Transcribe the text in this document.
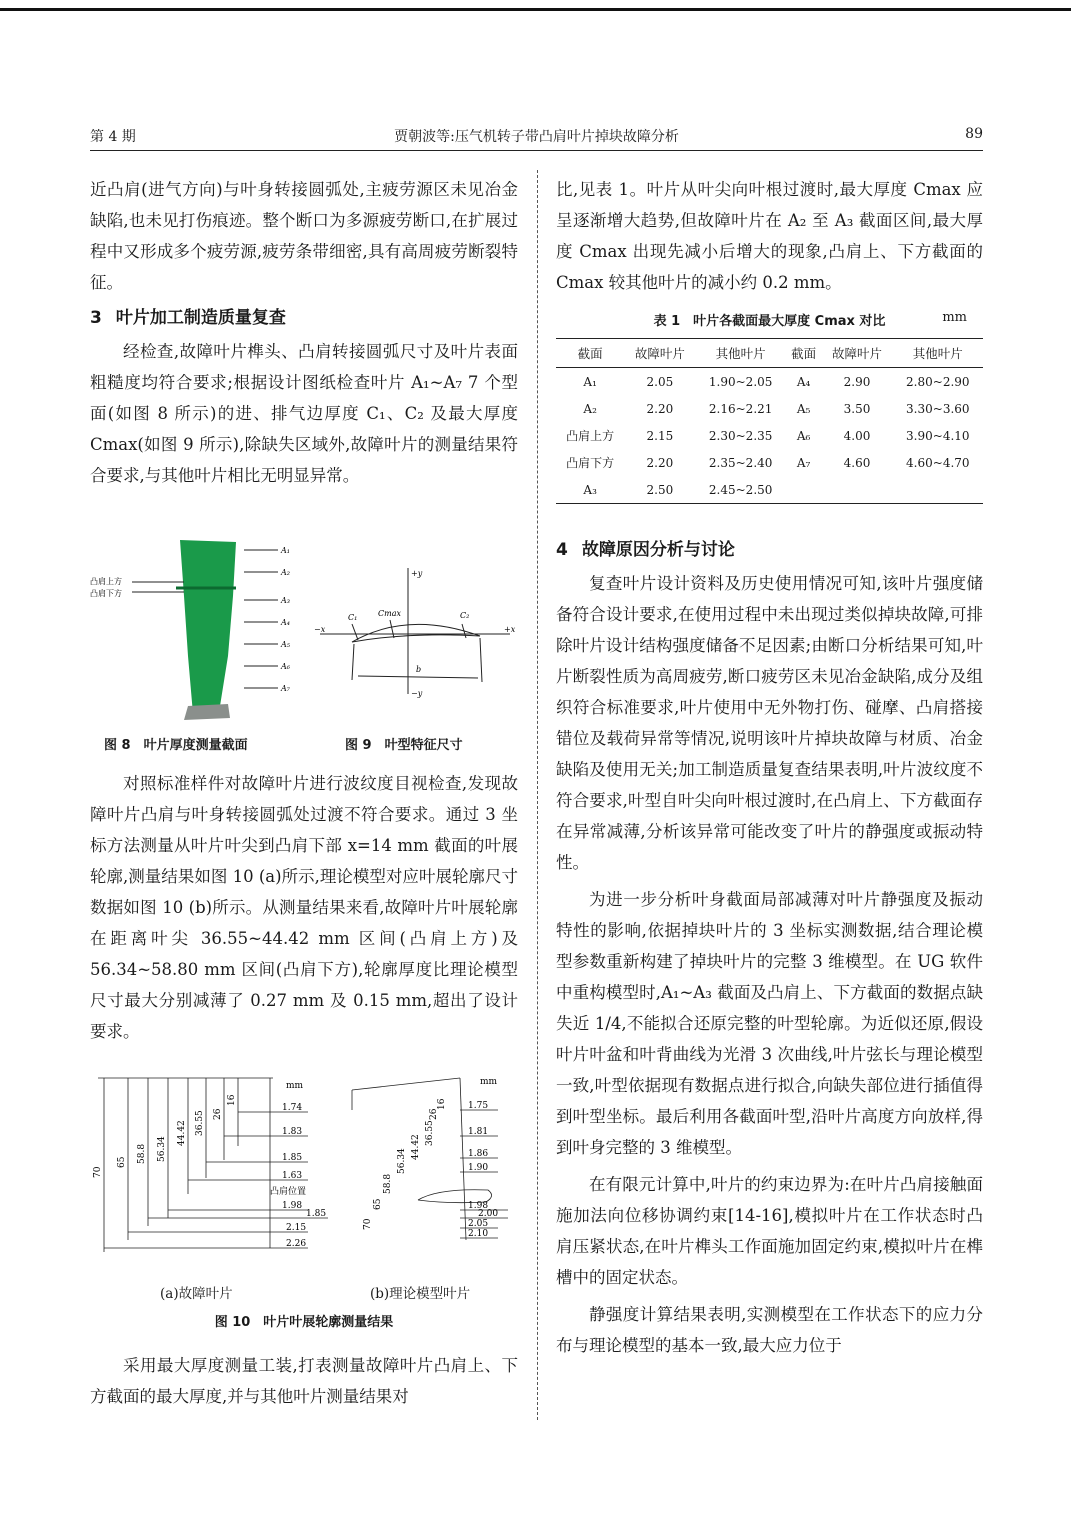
第 4 期	贾朝波等:压气机转子带凸肩叶片掉块故障分析	89

近凸肩(进气方向)与叶身转接圆弧处,主疲劳源区未见冶金缺陷,也未见打伤痕迹。整个断口为多源疲劳断口,在扩展过程中又形成多个疲劳源,疲劳条带细密,具有高周疲劳断裂特征。

3 叶片加工制造质量复查

经检查,故障叶片榫头、凸肩转接圆弧尺寸及叶片表面粗糙度均符合要求;根据设计图纸检查叶片 A₁~A₇ 7 个型面(如图 8 所示)的进、排气边厚度 C₁、C₂ 及最大厚度 Cmax(如图 9 所示),除缺失区域外,故障叶片的测量结果符合要求,与其他叶片相比无明显异常。

A₁
A₂
A₃
A₄
A₅
A₆
A₇
凸肩上方
凸肩下方
+y
−y
−x	+x
C₁	Cmax	C₂
b
图 8　叶片厚度测量截面	图 9　叶型特征尺寸

对照标准样件对故障叶片进行波纹度目视检查,发现故障叶片凸肩与叶身转接圆弧处过渡不符合要求。通过 3 坐标方法测量从叶片叶尖到凸肩下部 x=14 mm 截面的叶展轮廓,测量结果如图 10 (a)所示,理论模型对应叶展轮廓尺寸数据如图 10 (b)所示。从测量结果来看,故障叶片叶展轮廓在距离叶尖 36.55~44.42 mm 区间(凸肩上方)及 56.34~58.80 mm 区间(凸肩下方),轮廓厚度比理论模型尺寸最大分别减薄了 0.27 mm 及 0.15 mm,超出了设计要求。

mm	mm
70
65 58.8 56.34
44.42 36.55 26
16
1.74
1.83
1.85
1.63
凸肩位置
1.98
1.85
2.15
2.26
70
65
58.8
56.34
44.42
36.55
26
16 1.75
1.81
1.86
1.90
1.98
2.00
2.05
2.10
(a)故障叶片	(b)理论模型叶片
图 10　叶片叶展轮廓测量结果

采用最大厚度测量工装,打表测量故障叶片凸肩上、下方截面的最大厚度,并与其他叶片测量结果对

比,见表 1。叶片从叶尖向叶根过渡时,最大厚度 Cmax 应呈逐渐增大趋势,但故障叶片在 A₂ 至 A₃ 截面区间,最大厚度 Cmax 出现先减小后增大的现象,凸肩上、下方截面的 Cmax 较其他叶片的减小约 0.2 mm。

表 1　叶片各截面最大厚度 Cmax 对比	mm
截面	故障叶片	其他叶片	截面	故障叶片	其他叶片
A₁	2.05	1.90~2.05	A₄	2.90	2.80~2.90
A₂	2.20	2.16~2.21	A₅	3.50	3.30~3.60
凸肩上方	2.15	2.30~2.35	A₆	4.00	3.90~4.10
凸肩下方	2.20	2.35~2.40	A₇	4.60	4.60~4.70
A₃	2.50	2.45~2.50			
4 故障原因分析与讨论

复查叶片设计资料及历史使用情况可知,该叶片强度储备符合设计要求,在使用过程中未出现过类似掉块故障,可排除叶片设计结构强度储备不足因素;由断口分析结果可知,叶片断裂性质为高周疲劳,断口疲劳区未见冶金缺陷,成分及组织符合标准要求,叶片使用中无外物打伤、碰摩、凸肩搭接错位及载荷异常等情况,说明该叶片掉块故障与材质、冶金缺陷及使用无关;加工制造质量复查结果表明,叶片波纹度不符合要求,叶型自叶尖向叶根过渡时,在凸肩上、下方截面存在异常减薄,分析该异常可能改变了叶片的静强度或振动特性。

为进一步分析叶身截面局部减薄对叶片静强度及振动特性的影响,依据掉块叶片的 3 坐标实测数据,结合理论模型参数重新构建了掉块叶片的完整 3 维模型。在 UG 软件中重构模型时,A₁~A₃ 截面及凸肩上、下方截面的数据点缺失近 1/4,不能拟合还原完整的叶型轮廓。为近似还原,假设叶片叶盆和叶背曲线为光滑 3 次曲线,叶片弦长与理论模型一致,叶型依据现有数据点进行拟合,向缺失部位进行插值得到叶型坐标。最后利用各截面叶型,沿叶片高度方向放样,得到叶身完整的 3 维模型。

在有限元计算中,叶片的约束边界为:在叶片凸肩接触面施加法向位移协调约束[14-16],模拟叶片在工作状态时凸肩压紧状态,在叶片榫头工作面施加固定约束,模拟叶片在榫槽中的固定状态。

静强度计算结果表明,实测模型在工作状态下的应力分布与理论模型的基本一致,最大应力位于
